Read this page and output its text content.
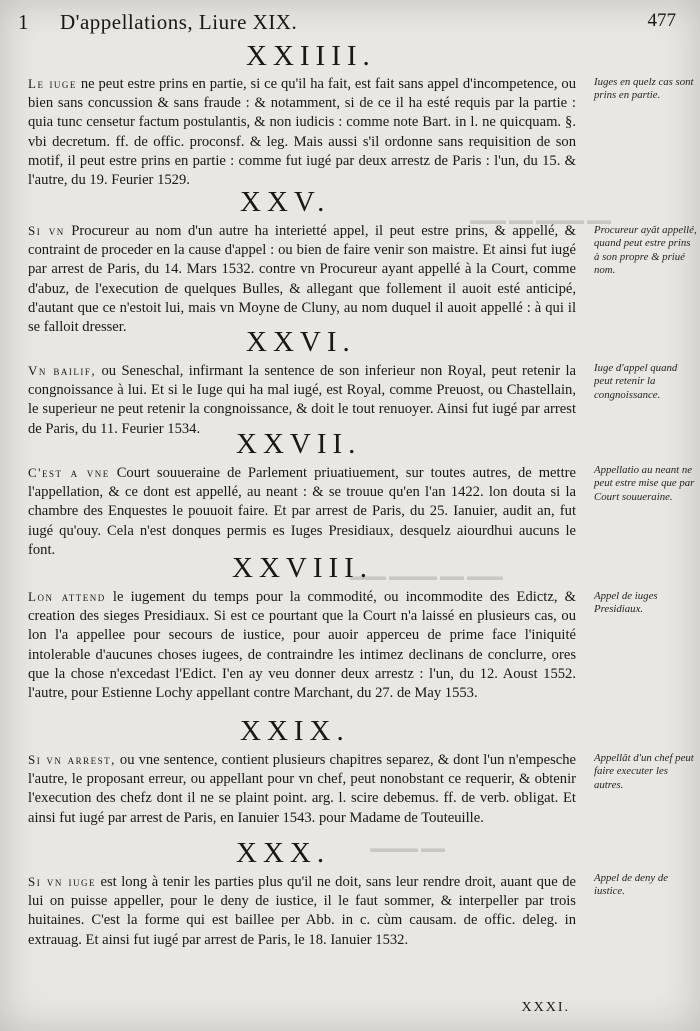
1 D'appellations, Liure XIX.	477
▬▬▬ ▬▬ ▬▬▬▬ ▬▬
▬▬▬ ▬▬▬▬ ▬▬ ▬▬▬
▬▬▬▬ ▬▬
XXIIII.
Le iuge ne peut estre prins en partie, si ce qu'il ha fait, est fait sans appel d'incompetence, ou bien sans concussion & sans fraude : & notamment, si de ce il ha esté requis par la partie : quia tunc censetur factum postulantis, & non iudicis : comme note Bart. in l. ne quicquam. §. vbi decretum. ff. de offic. proconsf. & leg. Mais aussi s'il ordonne sans requisition de son motif, il peut estre prins en partie : comme fut iugé par deux arrestz de Paris : l'un, du 15. & l'autre, du 19. Feurier 1529.
Iuges en quelz cas sont prins en partie.
XXV.
Si vn Procureur au nom d'un autre ha interietté appel, il peut estre prins, & appellé, & contraint de proceder en la cause d'appel : ou bien de faire venir son maistre. Et ainsi fut iugé par arrest de Paris, du 14. Mars 1532. contre vn Procureur ayant appellé à la Court, comme d'abuz, de l'execution de quelques Bulles, & allegant que follement il auoit esté anticipé, d'autant que ce n'estoit lui, mais vn Moyne de Cluny, au nom duquel il auoit appellé : à qui il se falloit dresser.
Procureur ayât appellé, quand peut estre prins à son propre & priué nom.
XXVI.
Vn bailif, ou Seneschal, infirmant la sentence de son inferieur non Royal, peut retenir la congnoissance à lui. Et si le Iuge qui ha mal iugé, est Royal, comme Preuost, ou Chastellain, le superieur ne peut retenir la congnoissance, & doit le tout renuoyer. Ainsi fut iugé par arrest de Paris, du 11. Feurier 1534.
Iuge d'appel quand peut retenir la congnoissance.
XXVII.
C'est a vne Court souueraine de Parlement priuatiuement, sur toutes autres, de mettre l'appellation, & ce dont est appellé, au neant : & se trouue qu'en l'an 1422. lon douta si la chambre des Enquestes le pouuoit faire. Et par arrest de Paris, du 25. Ianuier, audit an, fut iugé qu'ouy. Cela n'est donques permis es Iuges Presidiaux, desquelz aiourdhui aucuns le font.
Appellatio au neant ne peut estre mise que par Court souueraine.
XXVIII.
Lon attend le iugement du temps pour la commodité, ou incommodite des Edictz, & creation des sieges Presidiaux. Si est ce pourtant que la Court n'a laissé en plusieurs cas, ou lon l'a appellee pour secours de iustice, pour auoir apperceu de prime face l'iniquité intolerable d'aucunes choses iugees, de contraindre les intimez declinans de conclurre, ores que la chose n'excedast l'Edict. I'en ay veu donner deux arrestz : l'un, du 12. Aoust 1552. l'autre, pour Estienne Lochy appellant contre Marchant, du 27. de May 1553.
Appel de iuges Presidiaux.
XXIX.
Si vn arrest, ou vne sentence, contient plusieurs chapitres separez, & dont l'un n'empesche l'autre, le proposant erreur, ou appellant pour vn chef, peut nonobstant ce requerir, & obtenir l'execution des chefz dont il ne se plaint point. arg. l. scire debemus. ff. de verb. obligat. Et ainsi fut iugé par arrest de Paris, en Ianuier 1543. pour Madame de Touteuille.
Appellât d'un chef peut faire executer les autres.
XXX.
Si vn iuge est long à tenir les parties plus qu'il ne doit, sans leur rendre droit, auant que de lui on puisse appeller, pour le deny de iustice, il le faut sommer, & interpeller par trois huitaines. C'est la forme qui est baillee per Abb. in c. cùm causam. de offic. deleg. in extrauag. Et ainsi fut iugé par arrest de Paris, le 18. Ianuier 1532.
Appel de deny de iustice.
XXXI.
